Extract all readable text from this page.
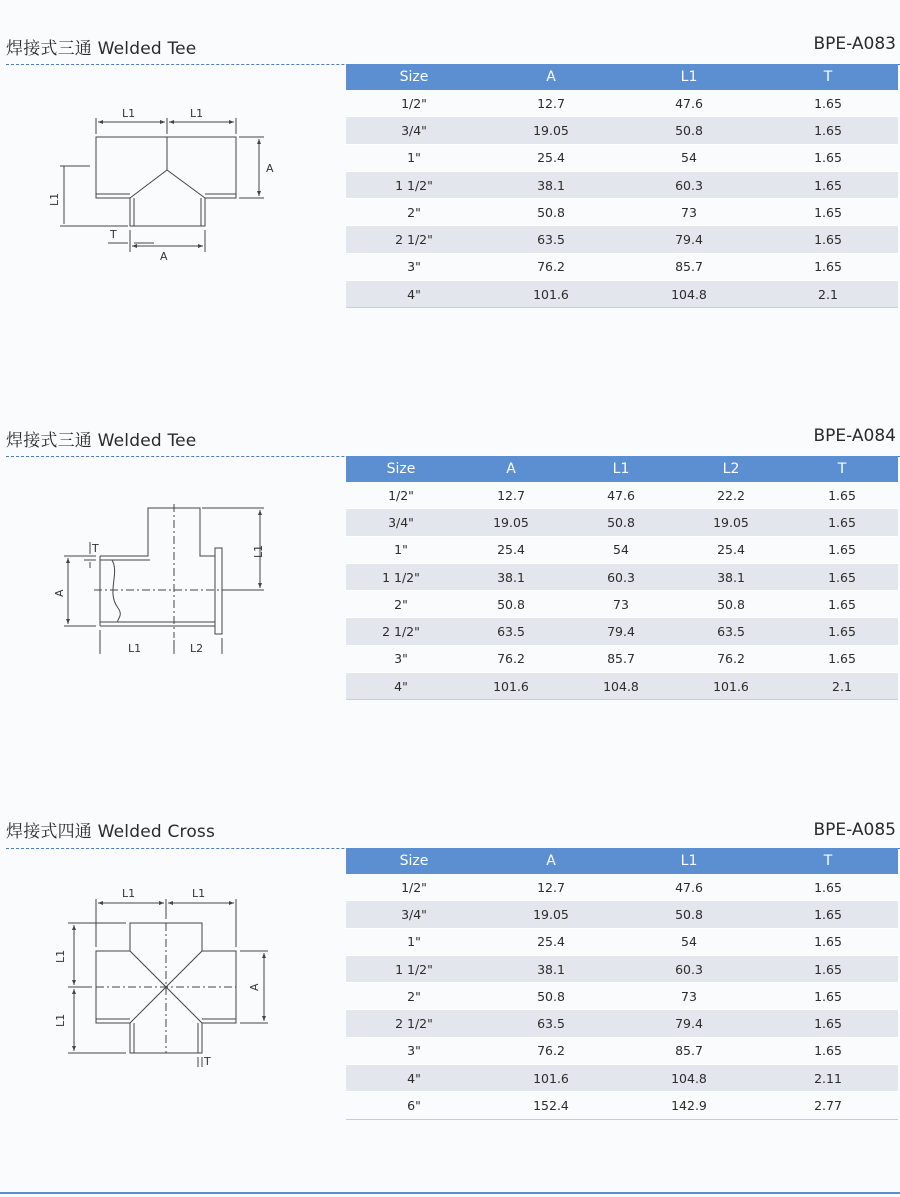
焊接式三通 Welded Tee	BPE-A083
L1	L1
A
L1
T
A
Size	A	L1	T
1/2"	12.7	47.6	1.65
3/4"	19.05	50.8	1.65
1"	25.4	54	1.65
1 1/2"	38.1	60.3	1.65
2"	50.8	73	1.65
2 1/2"	63.5	79.4	1.65
3"	76.2	85.7	1.65
4"	101.6	104.8	2.1
焊接式三通 Welded Tee	BPE-A084
T
A
L1
L1	L2
Size	A	L1	L2	T
1/2"	12.7	47.6	22.2	1.65
3/4"	19.05	50.8	19.05	1.65
1"	25.4	54	25.4	1.65
1 1/2"	38.1	60.3	38.1	1.65
2"	50.8	73	50.8	1.65
2 1/2"	63.5	79.4	63.5	1.65
3"	76.2	85.7	76.2	1.65
4"	101.6	104.8	101.6	2.1
焊接式四通 Welded Cross	BPE-A085
L1	L1
A
L1
L1
T
Size	A	L1	T
1/2"	12.7	47.6	1.65
3/4"	19.05	50.8	1.65
1"	25.4	54	1.65
1 1/2"	38.1	60.3	1.65
2"	50.8	73	1.65
2 1/2"	63.5	79.4	1.65
3"	76.2	85.7	1.65
4"	101.6	104.8	2.11
6"	152.4	142.9	2.77
